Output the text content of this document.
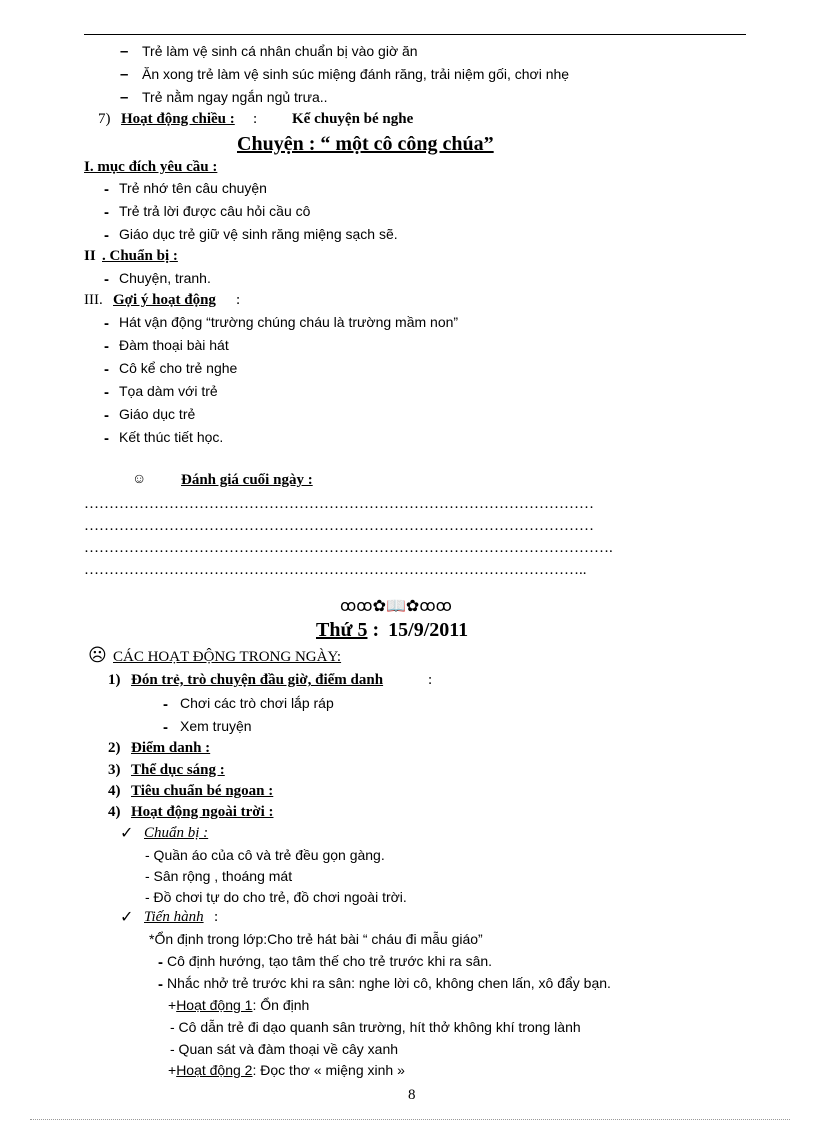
– Trẻ làm vệ sinh cá nhân chuẩn bị vào giờ ăn
– Ăn xong trẻ làm vệ sinh súc miệng đánh răng, trải niệm gối, chơi nhẹ
– Trẻ nằm ngay ngắn ngủ trưa..
7) Hoạt động chiều : : Kể chuyện bé nghe
Chuyện : “ một cô công chúa”
I. mục đích yêu cầu :
- Trẻ nhớ tên câu chuyện
- Trẻ trả lời được câu hỏi cầu cô
- Giáo dục trẻ giữ vệ sinh răng miệng sạch sẽ.
II . Chuẩn bị :
- Chuyện, tranh.
III. Gợi ý hoạt động :
- Hát vận động “trường chúng cháu là trường mầm non”
- Đàm thoại bài hát
- Cô kể cho trẻ nghe
- Tọa dàm với trẻ
- Giáo dục trẻ
- Kết thúc tiết học.
☺ Đánh giá cuối ngày :
…………………………………………………………………………………………
…………………………………………………………………………………………
…………………………………………………………………………………………….
………………………………………………………………………………………..
ꝏꝏ✿📖✿ꝏꝏ
Thứ 5 : 15/9/2011
☹ CÁC HOẠT ĐỘNG TRONG NGÀY:
1) Đón trẻ, trò chuyện đầu giờ, điểm danh	:
- Chơi các trò chơi lắp ráp
- Xem truyện
2) Điểm danh :
3) Thể dục sáng :
4) Tiêu chuẩn bé ngoan :
4) Hoạt động ngoài trời :
✓ Chuẩn bị :
- Quần áo của cô và trẻ đều gọn gàng.
- Sân rộng , thoáng mát
- Đồ chơi tự do cho trẻ, đồ chơi ngoài trời.
✓ Tiến hành :
*Ổn định trong lớp:Cho trẻ hát bài “ cháu đi mẫu giáo”
- Cô định hướng, tạo tâm thế cho trẻ trước khi ra sân.
- Nhắc nhở trẻ trước khi ra sân: nghe lời cô, không chen lấn, xô đẩy bạn.
+Hoạt động 1: Ổn định
- Cô dẫn trẻ đi dạo quanh sân trường, hít thở không khí trong lành
- Quan sát và đàm thoại về cây xanh
+Hoạt động 2: Đọc thơ « miệng xinh »
8
